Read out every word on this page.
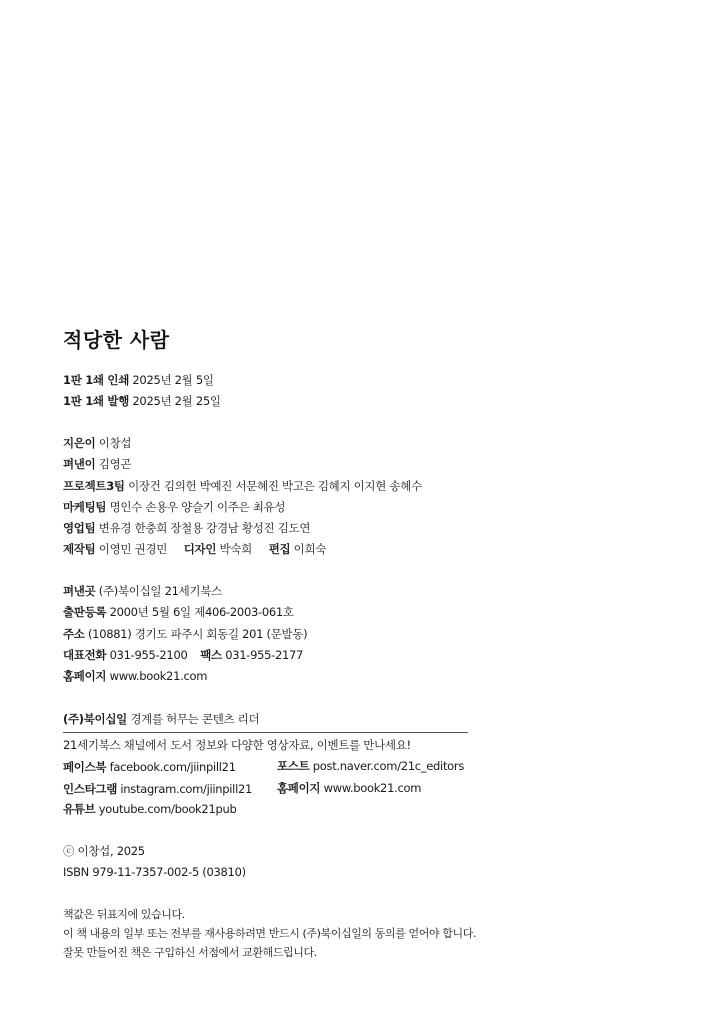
적당한 사람
1판 1쇄 인쇄 2025년 2월 5일
1판 1쇄 발행 2025년 2월 25일
지은이 이창섭
펴낸이 김영곤
프로젝트3팀 이장건 김의헌 박예진 서문혜진 박고은 김혜지 이지현 송혜수
마케팅팀 명인수 손용우 양슬기 이주은 최유성
영업팀 변유경 한충희 장철용 강경남 황성진 김도연
제작팀 이영민 권경민 디자인 박숙희 편집 이희숙
펴낸곳 (주)북이십일 21세기북스
출판등록 2000년 5월 6일 제406-2003-061호
주소 (10881) 경기도 파주시 회동길 201 (문발동)
대표전화 031-955-2100 팩스 031-955-2177
홈페이지 www.book21.com
(주)북이십일 경계를 허무는 콘텐츠 리더
21세기북스 채널에서 도서 정보와 다양한 영상자료, 이벤트를 만나세요!
페이스북 facebook.com/jiinpill21	포스트 post.naver.com/21c_editors
인스타그램 instagram.com/jiinpill21 홈페이지 www.book21.com
유튜브 youtube.com/book21pub
ⓒ 이창섭, 2025
ISBN 979-11-7357-002-5 (03810)
책값은 뒤표지에 있습니다.
이 책 내용의 일부 또는 전부를 재사용하려면 반드시 (주)북이십일의 동의를 얻어야 합니다.
잘못 만들어진 책은 구입하신 서점에서 교환해드립니다.
